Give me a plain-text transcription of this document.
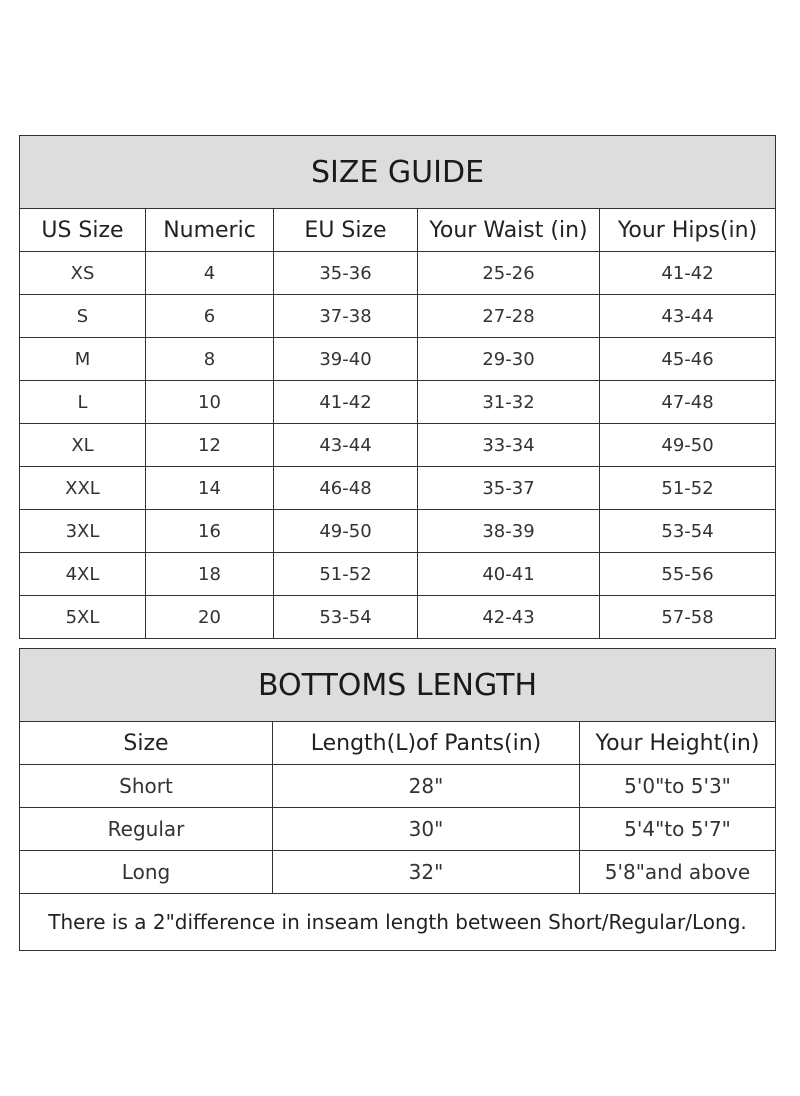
SIZE GUIDE				
US Size	Numeric	EU Size	Your Waist (in)	Your Hips(in)
XS	4	35-36	25-26	41-42
S	6	37-38	27-28	43-44
M	8	39-40	29-30	45-46
L	10	41-42	31-32	47-48
XL	12	43-44	33-34	49-50
XXL	14	46-48	35-37	51-52
3XL	16	49-50	38-39	53-54
4XL	18	51-52	40-41	55-56
5XL	20	53-54	42-43	57-58
BOTTOMS LENGTH		
Size	Length(L)of Pants(in)	Your Height(in)
Short	28"	5'0"to 5'3"
Regular	30"	5'4"to 5'7"
Long	32"	5'8"and above
There is a 2"difference in inseam length between Short/Regular/Long.		
